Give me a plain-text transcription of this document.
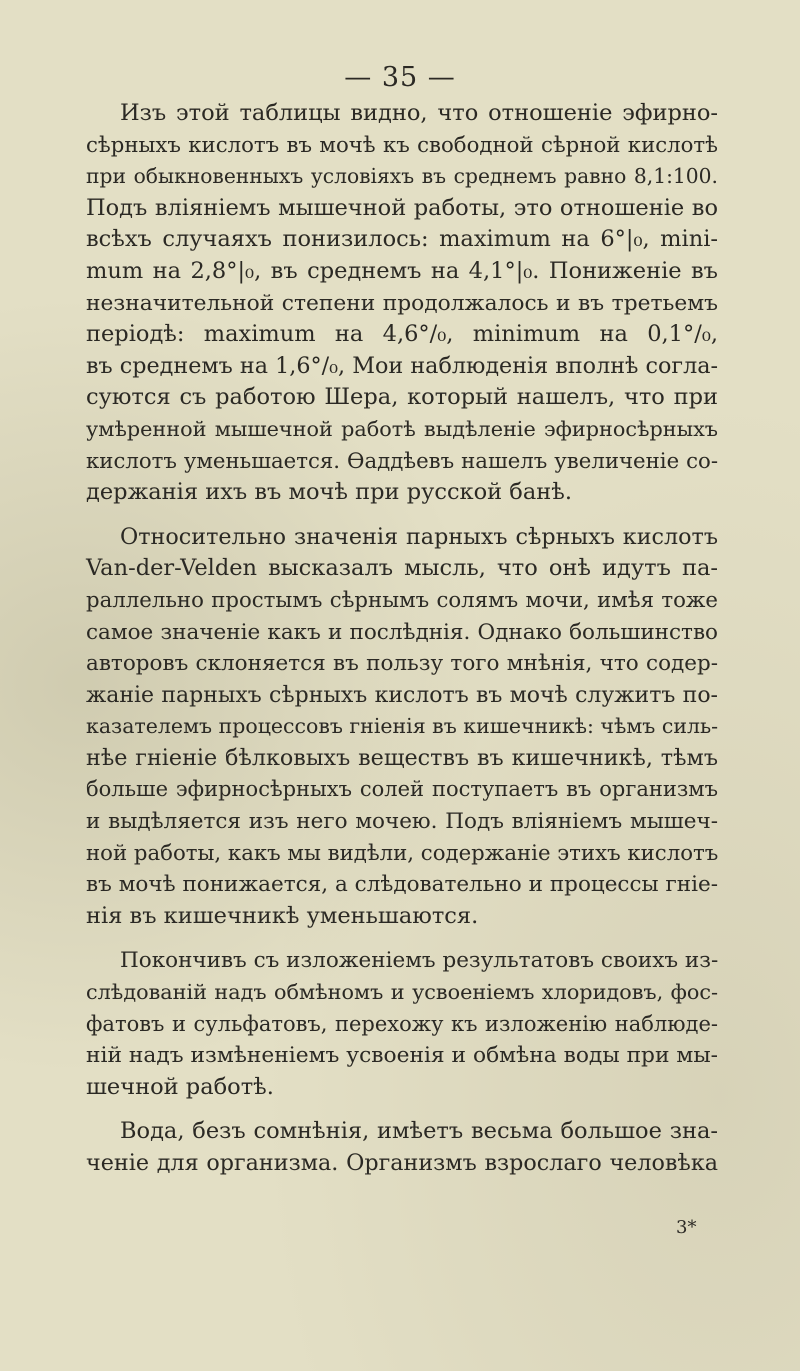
— 35 —

Изъ этой таблицы видно, что отношеніе эфирно-
сѣрныхъ кислотъ въ мочѣ къ свободной сѣрной кислотѣ
при обыкновенныхъ условіяхъ въ среднемъ равно 8,1:100.
Подъ вліяніемъ мышечной работы, это отношеніе во
всѣхъ случаяхъ понизилось: maximum на 6°|₀, mini-
mum на 2,8°|₀, въ среднемъ на 4,1°|₀. Пониженіе въ
незначительной степени продолжалось и въ третьемъ
періодѣ: maximum на 4,6°/₀, minimum на 0,1°/₀,
въ среднемъ на 1,6°/₀, Мои наблюденія вполнѣ согла-
суются съ работою Шера, который нашелъ, что при
умѣренной мышечной работѣ выдѣленіе эфирносѣрныхъ
кислотъ уменьшается. Ѳаддѣевъ нашелъ увеличеніе со-
держанія ихъ въ мочѣ при русской банѣ.

Относительно значенія парныхъ сѣрныхъ кислотъ
Van-der-Velden высказалъ мысль, что онѣ идутъ па-
раллельно простымъ сѣрнымъ солямъ мочи, имѣя тоже
самое значеніе какъ и послѣднія. Однако большинство
авторовъ склоняется въ пользу того мнѣнія, что содер-
жаніе парныхъ сѣрныхъ кислотъ въ мочѣ служитъ по-
казателемъ процессовъ гніенія въ кишечникѣ: чѣмъ силь-
нѣе гніеніе бѣлковыхъ веществъ въ кишечникѣ, тѣмъ
больше эфирносѣрныхъ солей поступаетъ въ организмъ
и выдѣляется изъ него мочею. Подъ вліяніемъ мышеч-
ной работы, какъ мы видѣли, содержаніе этихъ кислотъ
въ мочѣ понижается, а слѣдовательно и процессы гніе-
нія въ кишечникѣ уменьшаются.

Покончивъ съ изложеніемъ результатовъ своихъ из-
слѣдованій надъ обмѣномъ и усвоеніемъ хлоридовъ, фос-
фатовъ и сульфатовъ, перехожу къ изложенію наблюде-
ній надъ измѣненіемъ усвоенія и обмѣна воды при мы-
шечной работѣ.

Вода, безъ сомнѣнія, имѣетъ весьма большое зна-
ченіе для организма. Организмъ взрослаго человѣка

3*
